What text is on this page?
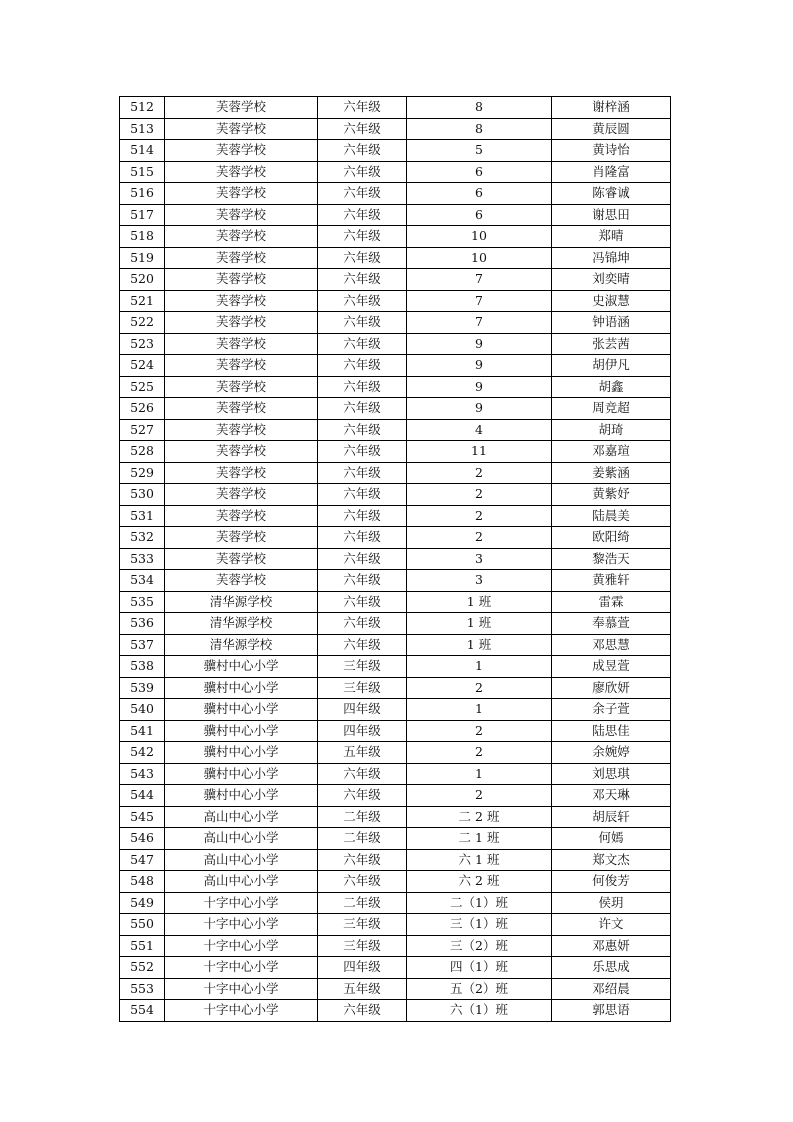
512	芙蓉学校	六年级	8	谢梓涵
513	芙蓉学校	六年级	8	黄辰圆
514	芙蓉学校	六年级	5	黄诗怡
515	芙蓉学校	六年级	6	肖隆富
516	芙蓉学校	六年级	6	陈睿诚
517	芙蓉学校	六年级	6	谢思田
518	芙蓉学校	六年级	10	郑晴
519	芙蓉学校	六年级	10	冯锦坤
520	芙蓉学校	六年级	7	刘奕晴
521	芙蓉学校	六年级	7	史淑慧
522	芙蓉学校	六年级	7	钟语涵
523	芙蓉学校	六年级	9	张芸茜
524	芙蓉学校	六年级	9	胡伊凡
525	芙蓉学校	六年级	9	胡鑫
526	芙蓉学校	六年级	9	周竞超
527	芙蓉学校	六年级	4	胡琦
528	芙蓉学校	六年级	11	邓嘉瑄
529	芙蓉学校	六年级	2	姜紫涵
530	芙蓉学校	六年级	2	黄紫妤
531	芙蓉学校	六年级	2	陆晨美
532	芙蓉学校	六年级	2	欧阳绮
533	芙蓉学校	六年级	3	黎浩天
534	芙蓉学校	六年级	3	黄雅轩
535	清华源学校	六年级	1 班	雷霖
536	清华源学校	六年级	1 班	奉慕萱
537	清华源学校	六年级	1 班	邓思慧
538	骥村中心小学	三年级	1	成昱萱
539	骥村中心小学	三年级	2	廖欣妍
540	骥村中心小学	四年级	1	余子萱
541	骥村中心小学	四年级	2	陆思佳
542	骥村中心小学	五年级	2	余婉婷
543	骥村中心小学	六年级	1	刘思琪
544	骥村中心小学	六年级	2	邓天琳
545	高山中心小学	二年级	二 2 班	胡辰轩
546	高山中心小学	二年级	二 1 班	何嫣
547	高山中心小学	六年级	六 1 班	郑文杰
548	高山中心小学	六年级	六 2 班	何俊芳
549	十字中心小学	二年级	二（1）班	侯玥
550	十字中心小学	三年级	三（1）班	许文
551	十字中心小学	三年级	三（2）班	邓惠妍
552	十字中心小学	四年级	四（1）班	乐思成
553	十字中心小学	五年级	五（2）班	邓绍晨
554	十字中心小学	六年级	六（1）班	郭思语
